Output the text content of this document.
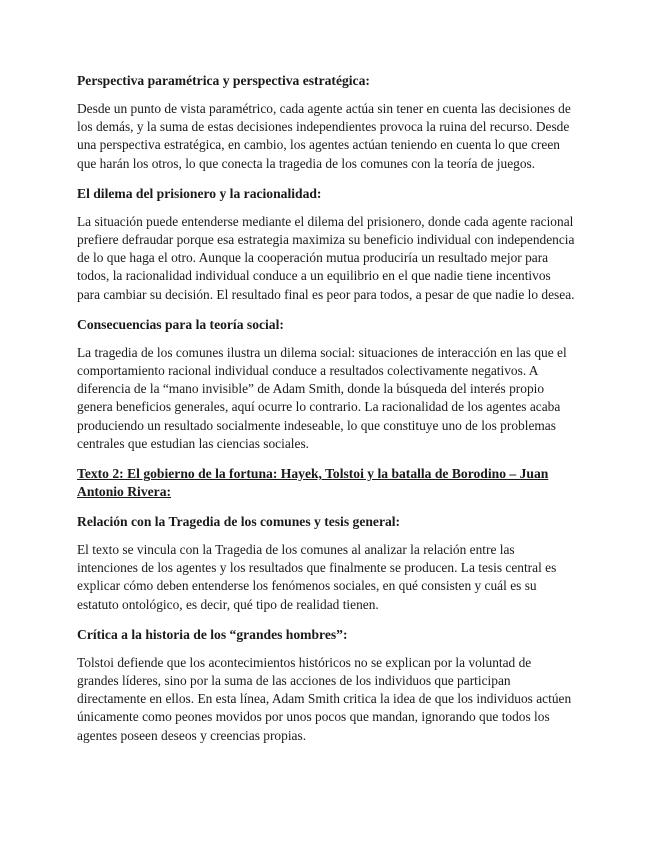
Perspectiva paramétrica y perspectiva estratégica:

Desde un punto de vista paramétrico, cada agente actúa sin tener en cuenta las decisiones de los demás, y la suma de estas decisiones independientes provoca la ruina del recurso. Desde una perspectiva estratégica, en cambio, los agentes actúan teniendo en cuenta lo que creen que harán los otros, lo que conecta la tragedia de los comunes con la teoría de juegos.

El dilema del prisionero y la racionalidad:

La situación puede entenderse mediante el dilema del prisionero, donde cada agente racional prefiere defraudar porque esa estrategia maximiza su beneficio individual con independencia de lo que haga el otro. Aunque la cooperación mutua produciría un resultado mejor para todos, la racionalidad individual conduce a un equilibrio en el que nadie tiene incentivos para cambiar su decisión. El resultado final es peor para todos, a pesar de que nadie lo desea.

Consecuencias para la teoría social:

La tragedia de los comunes ilustra un dilema social: situaciones de interacción en las que el comportamiento racional individual conduce a resultados colectivamente negativos. A diferencia de la “mano invisible” de Adam Smith, donde la búsqueda del interés propio genera beneficios generales, aquí ocurre lo contrario. La racionalidad de los agentes acaba produciendo un resultado socialmente indeseable, lo que constituye uno de los problemas centrales que estudian las ciencias sociales.

Texto 2: El gobierno de la fortuna: Hayek, Tolstoi y la batalla de Borodino – Juan Antonio Rivera:
Relación con la Tragedia de los comunes y tesis general:

El texto se vincula con la Tragedia de los comunes al analizar la relación entre las intenciones de los agentes y los resultados que finalmente se producen. La tesis central es explicar cómo deben entenderse los fenómenos sociales, en qué consisten y cuál es su estatuto ontológico, es decir, qué tipo de realidad tienen.

Crítica a la historia de los “grandes hombres”:

Tolstoi defiende que los acontecimientos históricos no se explican por la voluntad de grandes líderes, sino por la suma de las acciones de los individuos que participan directamente en ellos. En esta línea, Adam Smith critica la idea de que los individuos actúen únicamente como peones movidos por unos pocos que mandan, ignorando que todos los agentes poseen deseos y creencias propias.
